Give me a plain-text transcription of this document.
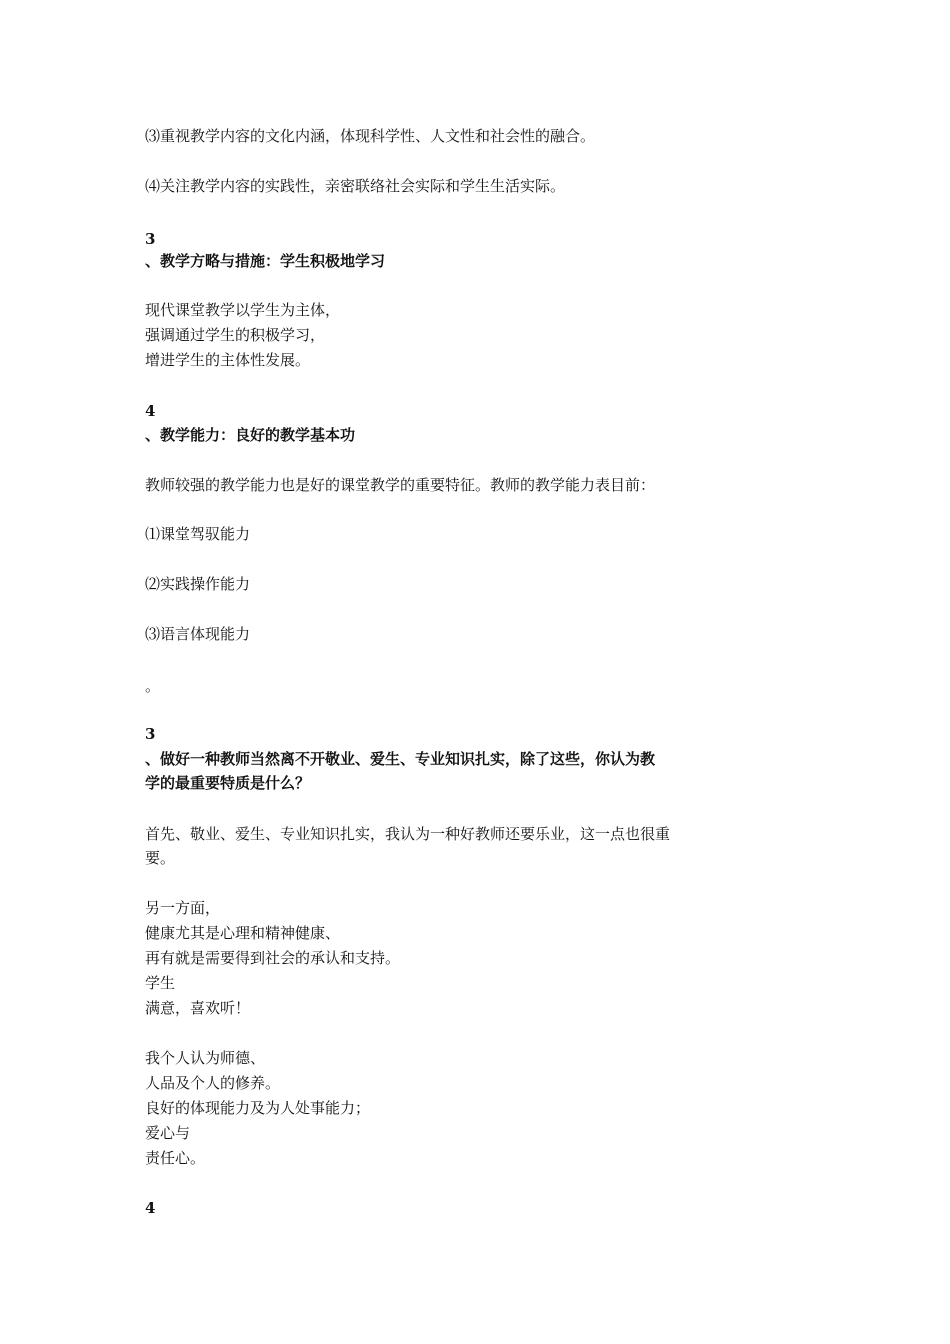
⑶重视教学内容的文化内涵，体现科学性、人文性和社会性的融合。
⑷关注教学内容的实践性，亲密联络社会实际和学生生活实际。
3
、教学方略与措施：学生积极地学习
现代课堂教学以学生为主体，
强调通过学生的积极学习，
增进学生的主体性发展。
4
、教学能力：良好的教学基本功
教师较强的教学能力也是好的课堂教学的重要特征。教师的教学能力表目前：
⑴课堂驾驭能力
⑵实践操作能力
⑶语言体现能力
。
3
、做好一种教师当然离不开敬业、爱生、专业知识扎实，除了这些，你认为教
学的最重要特质是什么？
首先、敬业、爱生、专业知识扎实，我认为一种好教师还要乐业，这一点也很重
要。
另一方面，
健康尤其是心理和精神健康、
再有就是需要得到社会的承认和支持。
学生
满意，喜欢听！
我个人认为师德、
人品及个人的修养。
良好的体现能力及为人处事能力；
爱心与
责任心。
4
